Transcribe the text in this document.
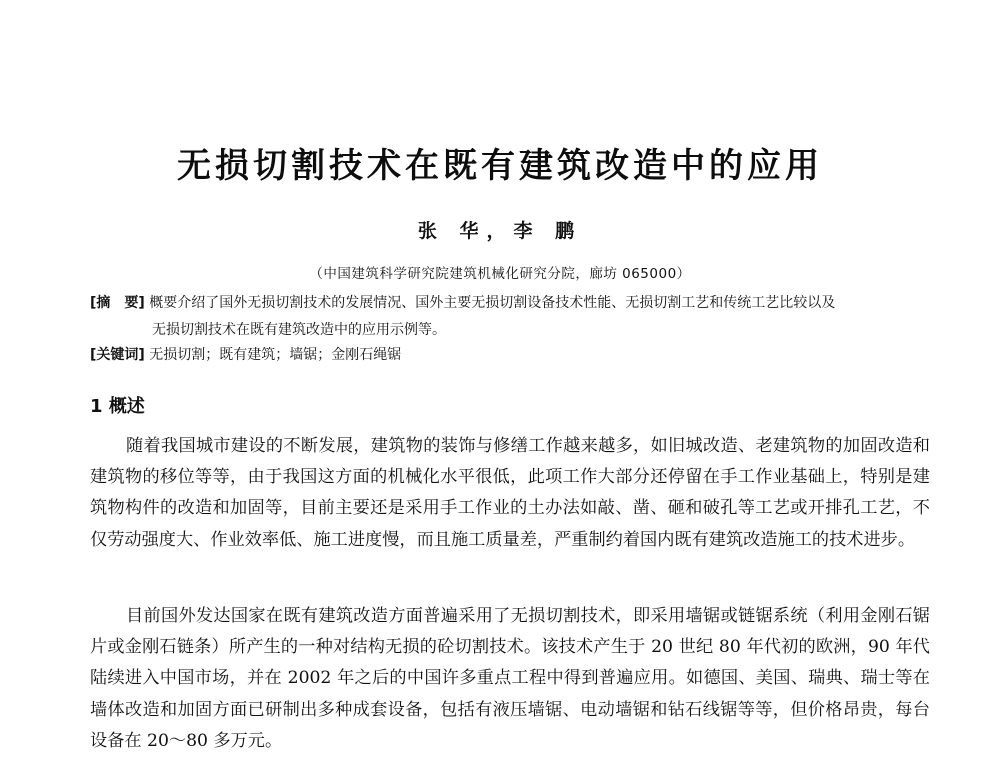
无损切割技术在既有建筑改造中的应用
张 华，李 鹏
（中国建筑科学研究院建筑机械化研究分院，廊坊 065000）
[摘　要] 概要介绍了国外无损切割技术的发展情况、国外主要无损切割设备技术性能、无损切割工艺和传统工艺比较以及
无损切割技术在既有建筑改造中的应用示例等。
[关键词] 无损切割；既有建筑；墙锯；金刚石绳锯
1 概述
随着我国城市建设的不断发展，建筑物的装饰与修缮工作越来越多，如旧城改造、老建筑物的加固改造和建筑物的移位等等，由于我国这方面的机械化水平很低，此项工作大部分还停留在手工作业基础上，特别是建筑物构件的改造和加固等，目前主要还是采用手工作业的土办法如敲、凿、砸和破孔等工艺或开排孔工艺，不仅劳动强度大、作业效率低、施工进度慢，而且施工质量差，严重制约着国内既有建筑改造施工的技术进步。
目前国外发达国家在既有建筑改造方面普遍采用了无损切割技术，即采用墙锯或链锯系统（利用金刚石锯片或金刚石链条）所产生的一种对结构无损的砼切割技术。该技术产生于 20 世纪 80 年代初的欧洲，90 年代陆续进入中国市场，并在 2002 年之后的中国许多重点工程中得到普遍应用。如德国、美国、瑞典、瑞士等在墙体改造和加固方面已研制出多种成套设备，包括有液压墙锯、电动墙锯和钻石线锯等等，但价格昂贵，每台设备在 20～80 多万元。
